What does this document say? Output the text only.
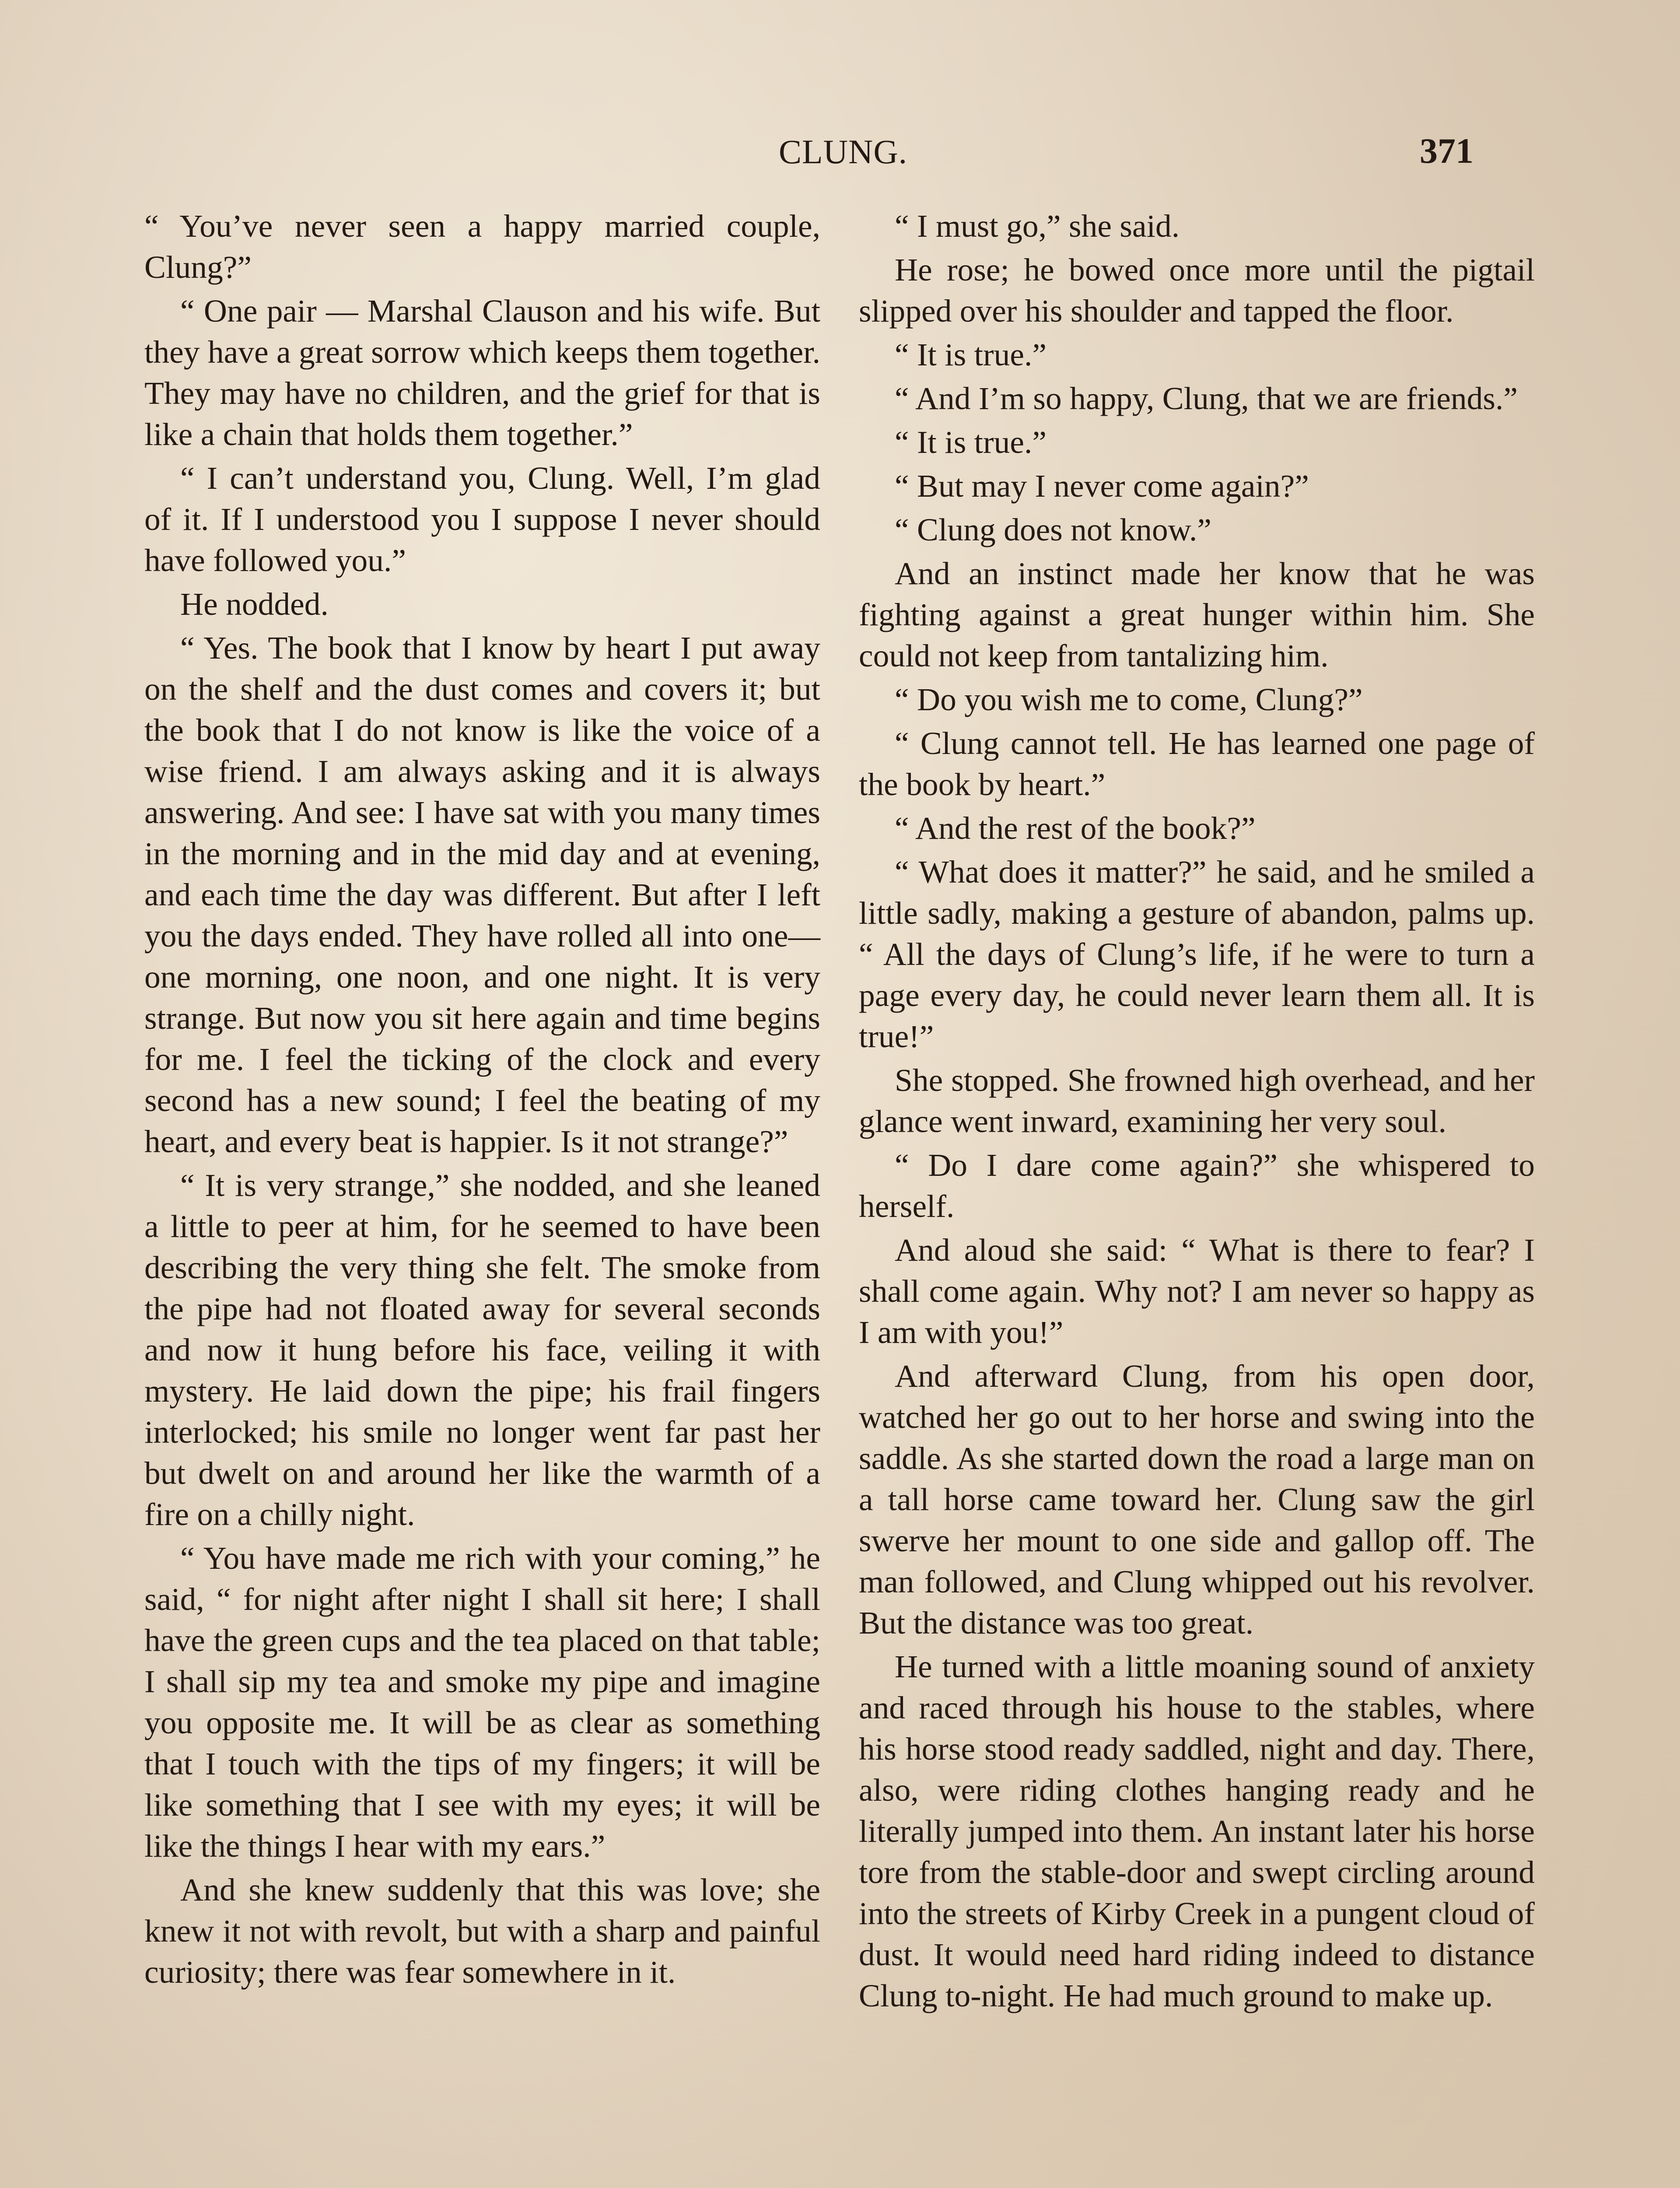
CLUNG.	371

“ You’ve never seen a happy married couple, Clung?”

“ One pair — Marshal Clauson and his wife. But they have a great sorrow which keeps them together. They may have no children, and the grief for that is like a chain that holds them together.”

“ I can’t understand you, Clung. Well, I’m glad of it. If I understood you I suppose I never should have followed you.”

He nodded.

“ Yes. The book that I know by heart I put away on the shelf and the dust comes and covers it; but the book that I do not know is like the voice of a wise friend. I am always asking and it is always answering. And see: I have sat with you many times in the morning and in the mid day and at evening, and each time the day was different. But after I left you the days ended. They have rolled all into one—one morning, one noon, and one night. It is very strange. But now you sit here again and time begins for me. I feel the ticking of the clock and every second has a new sound; I feel the beating of my heart, and every beat is happier. Is it not strange?”

“ It is very strange,” she nodded, and she leaned a little to peer at him, for he seemed to have been describing the very thing she felt. The smoke from the pipe had not floated away for several seconds and now it hung before his face, veiling it with mystery. He laid down the pipe; his frail fingers interlocked; his smile no longer went far past her but dwelt on and around her like the warmth of a fire on a chilly night.

“ You have made me rich with your coming,” he said, “ for night after night I shall sit here; I shall have the green cups and the tea placed on that table; I shall sip my tea and smoke my pipe and imagine you opposite me. It will be as clear as something that I touch with the tips of my fingers; it will be like something that I see with my eyes; it will be like the things I hear with my ears.”

And she knew suddenly that this was love; she knew it not with revolt, but with a sharp and painful curiosity; there was fear somewhere in it.

“ I must go,” she said.

He rose; he bowed once more until the pigtail slipped over his shoulder and tapped the floor.

“ It is true.”

“ And I’m so happy, Clung, that we are friends.”

“ It is true.”

“ But may I never come again?”

“ Clung does not know.”

And an instinct made her know that he was fighting against a great hunger within him. She could not keep from tantalizing him.

“ Do you wish me to come, Clung?”

“ Clung cannot tell. He has learned one page of the book by heart.”

“ And the rest of the book?”

“ What does it matter?” he said, and he smiled a little sadly, making a gesture of abandon, palms up. “ All the days of Clung’s life, if he were to turn a page every day, he could never learn them all. It is true!”

She stopped. She frowned high overhead, and her glance went inward, examining her very soul.

“ Do I dare come again?” she whispered to herself.

And aloud she said: “ What is there to fear? I shall come again. Why not? I am never so happy as I am with you!”

And afterward Clung, from his open door, watched her go out to her horse and swing into the saddle. As she started down the road a large man on a tall horse came toward her. Clung saw the girl swerve her mount to one side and gallop off. The man followed, and Clung whipped out his revolver. But the distance was too great.

He turned with a little moaning sound of anxiety and raced through his house to the stables, where his horse stood ready saddled, night and day. There, also, were riding clothes hanging ready and he literally jumped into them. An instant later his horse tore from the stable-door and swept circling around into the streets of Kirby Creek in a pungent cloud of dust. It would need hard riding indeed to distance Clung to-night. He had much ground to make up.
